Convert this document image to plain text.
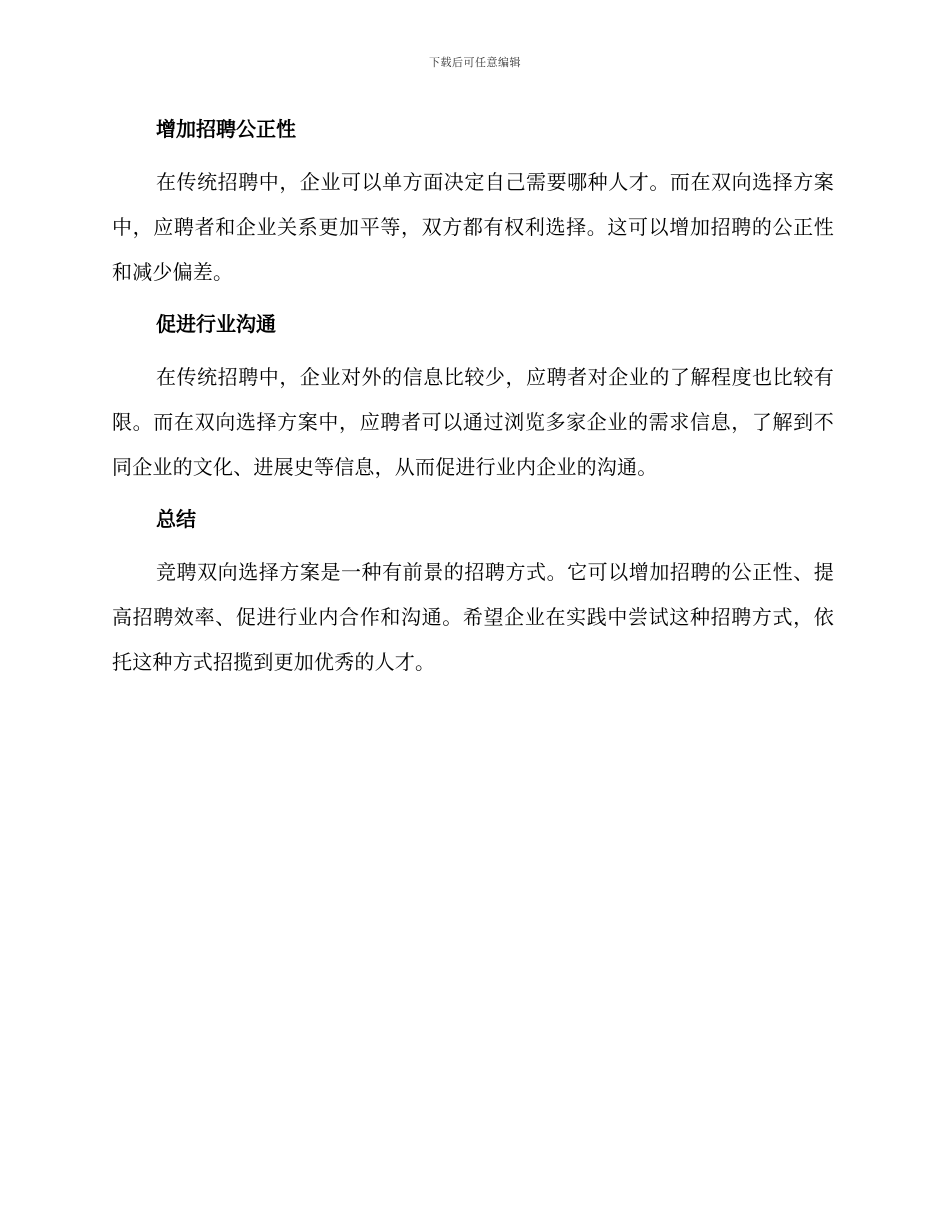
下载后可任意编辑
增加招聘公正性

在传统招聘中，企业可以单方面决定自己需要哪种人才。而在双向选择方案中，应聘者和企业关系更加平等，双方都有权利选择。这可以增加招聘的公正性和减少偏差。

促进行业沟通

在传统招聘中，企业对外的信息比较少，应聘者对企业的了解程度也比较有限。而在双向选择方案中，应聘者可以通过浏览多家企业的需求信息，了解到不同企业的文化、进展史等信息，从而促进行业内企业的沟通。

总结

竞聘双向选择方案是一种有前景的招聘方式。它可以增加招聘的公正性、提高招聘效率、促进行业内合作和沟通。希望企业在实践中尝试这种招聘方式，依托这种方式招揽到更加优秀的人才。
